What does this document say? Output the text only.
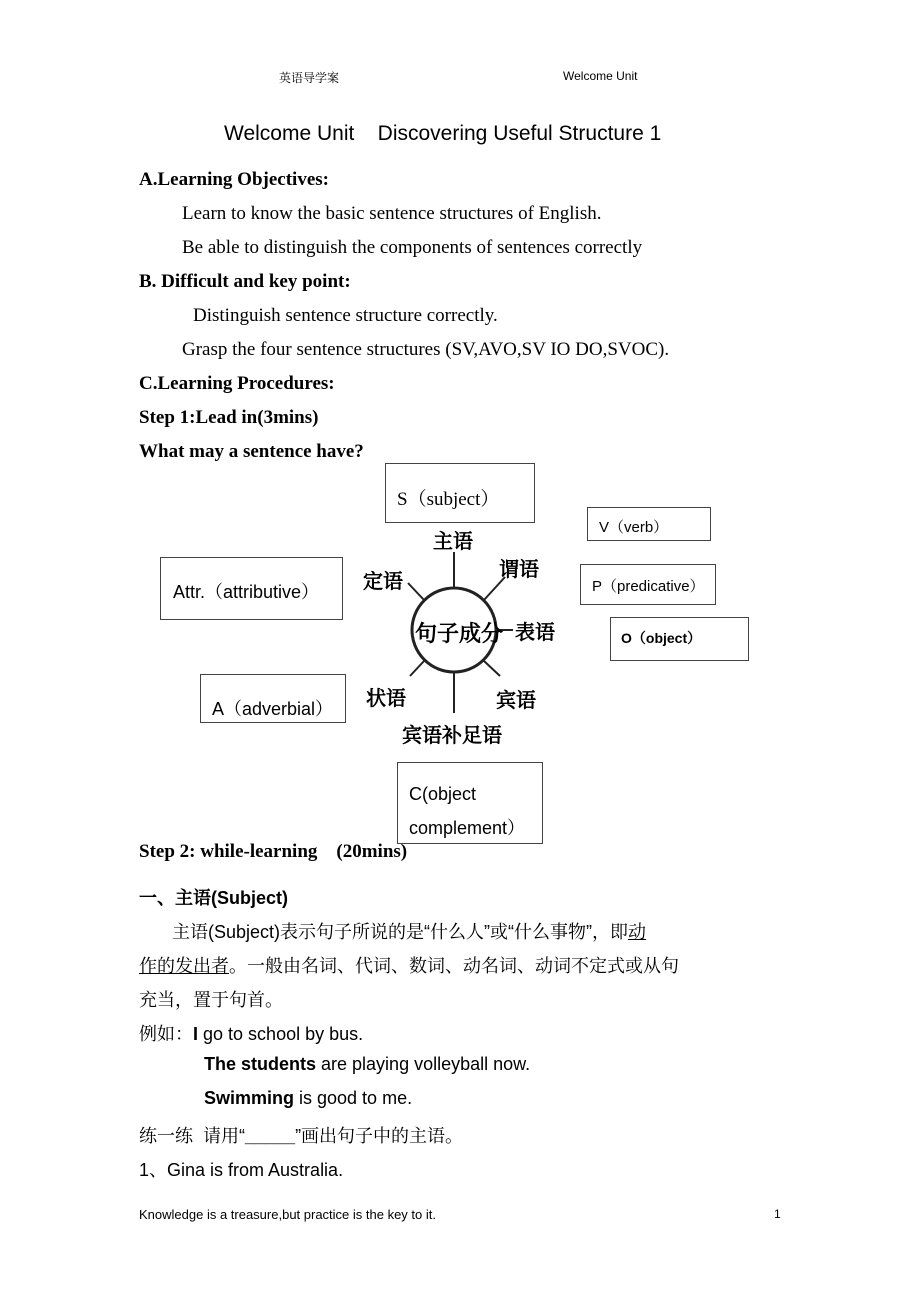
英语导学案	Welcome Unit
Welcome Unit    Discovering Useful Structure 1
A.Learning Objectives:
Learn to know the basic sentence structures of English.
Be able to distinguish the components of sentences correctly
B. Difficult and key point:
Distinguish sentence structure correctly.
Grasp the four sentence structures (SV,AVO,SV IO DO,SVOC).
C.Learning Procedures:
Step 1:Lead in(3mins)
What may a sentence have?
句子成分
主语
谓语
表语
宾语
宾语补足语
状语
定语
S（subject）
V（verb）
Attr.（attributive）	P（predicative）
O（object）
A（adverbial）
C(object
complement）
Step 2: while-learning    (20mins)
一、主语(Subject)
主语(Subject)表示句子所说的是“什么人”或“什么事物”，即动
作的发出者。一般由名词、代词、数词、动名词、动词不定式或从句
充当，置于句首。
例如：I go to school by bus.
The students are playing volleyball now.
Swimming is good to me.
练一练  请用“_____”画出句子中的主语。
1、Gina is from Australia.
Knowledge is a treasure,but practice is the key to it.	1
